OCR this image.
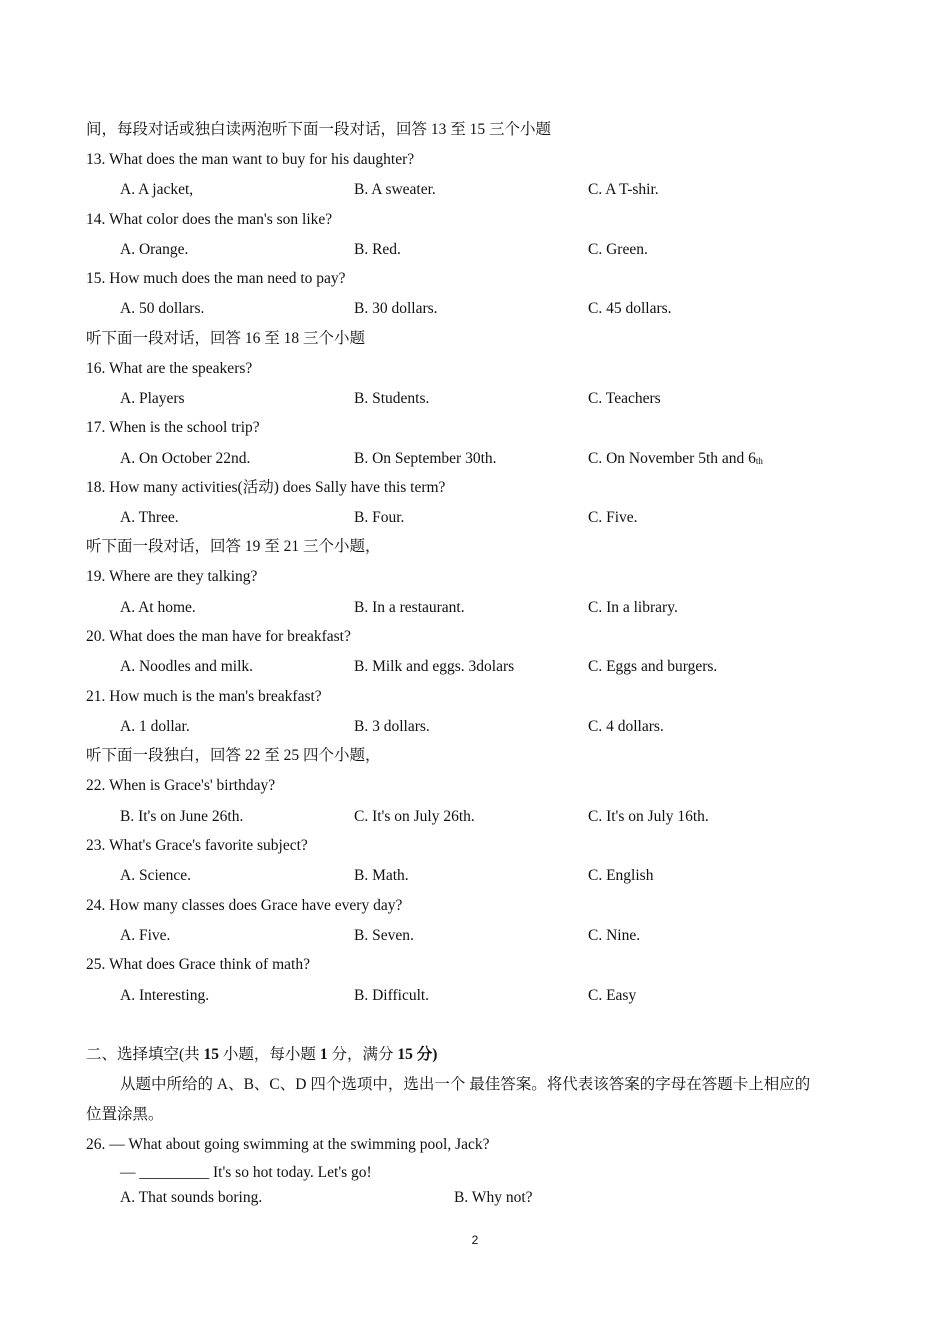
间，每段对话或独白读两泡听下面一段对话，回答 13 至 15 三个小题
13. What does the man want to buy for his daughter?
A. A jacket,	B. A sweater.	C. A T-shir.
14. What color does the man's son like?
A. Orange.	B. Red.	C. Green.
15. How much does the man need to pay?
A. 50 dollars.	B. 30 dollars.	C. 45 dollars.
听下面一段对话，回答 16 至 18 三个小题
16. What are the speakers?
A. Players	B. Students.	C. Teachers
17. When is the school trip?
A. On October 22nd.	B. On September 30th.	C. On November 5th and 6th
18. How many activities(活动) does Sally have this term?
A. Three.	B. Four.	C. Five.
听下面一段对话，回答 19 至 21 三个小题，
19. Where are they talking?
A. At home.	B. In a restaurant.	C. In a library.
20. What does the man have for breakfast?
A. Noodles and milk.	B. Milk and eggs. 3dolars	C. Eggs and burgers.
21. How much is the man's breakfast?
A. 1 dollar.	B. 3 dollars.	C. 4 dollars.
听下面一段独白，回答 22 至 25 四个小题，
22. When is Grace's' birthday?
B. It's on June 26th.	C. It's on July 26th.	C. It's on July 16th.
23. What's Grace's favorite subject?
A. Science.	B. Math.	C. English
24. How many classes does Grace have every day?
A. Five.	B. Seven.	C. Nine.
25. What does Grace think of math?
A. Interesting.	B. Difficult.	C. Easy
二、选择填空(共 15 小题，每小题 1 分，满分 15 分)
从题中所给的 A、B、C、D 四个选项中，选出一个 最佳答案。将代表该答案的字母在答题卡上相应的
位置涂黑。
26. — What about going swimming at the swimming pool, Jack?
— _________ It's so hot today. Let's go!
A. That sounds boring.	B. Why not?
2
